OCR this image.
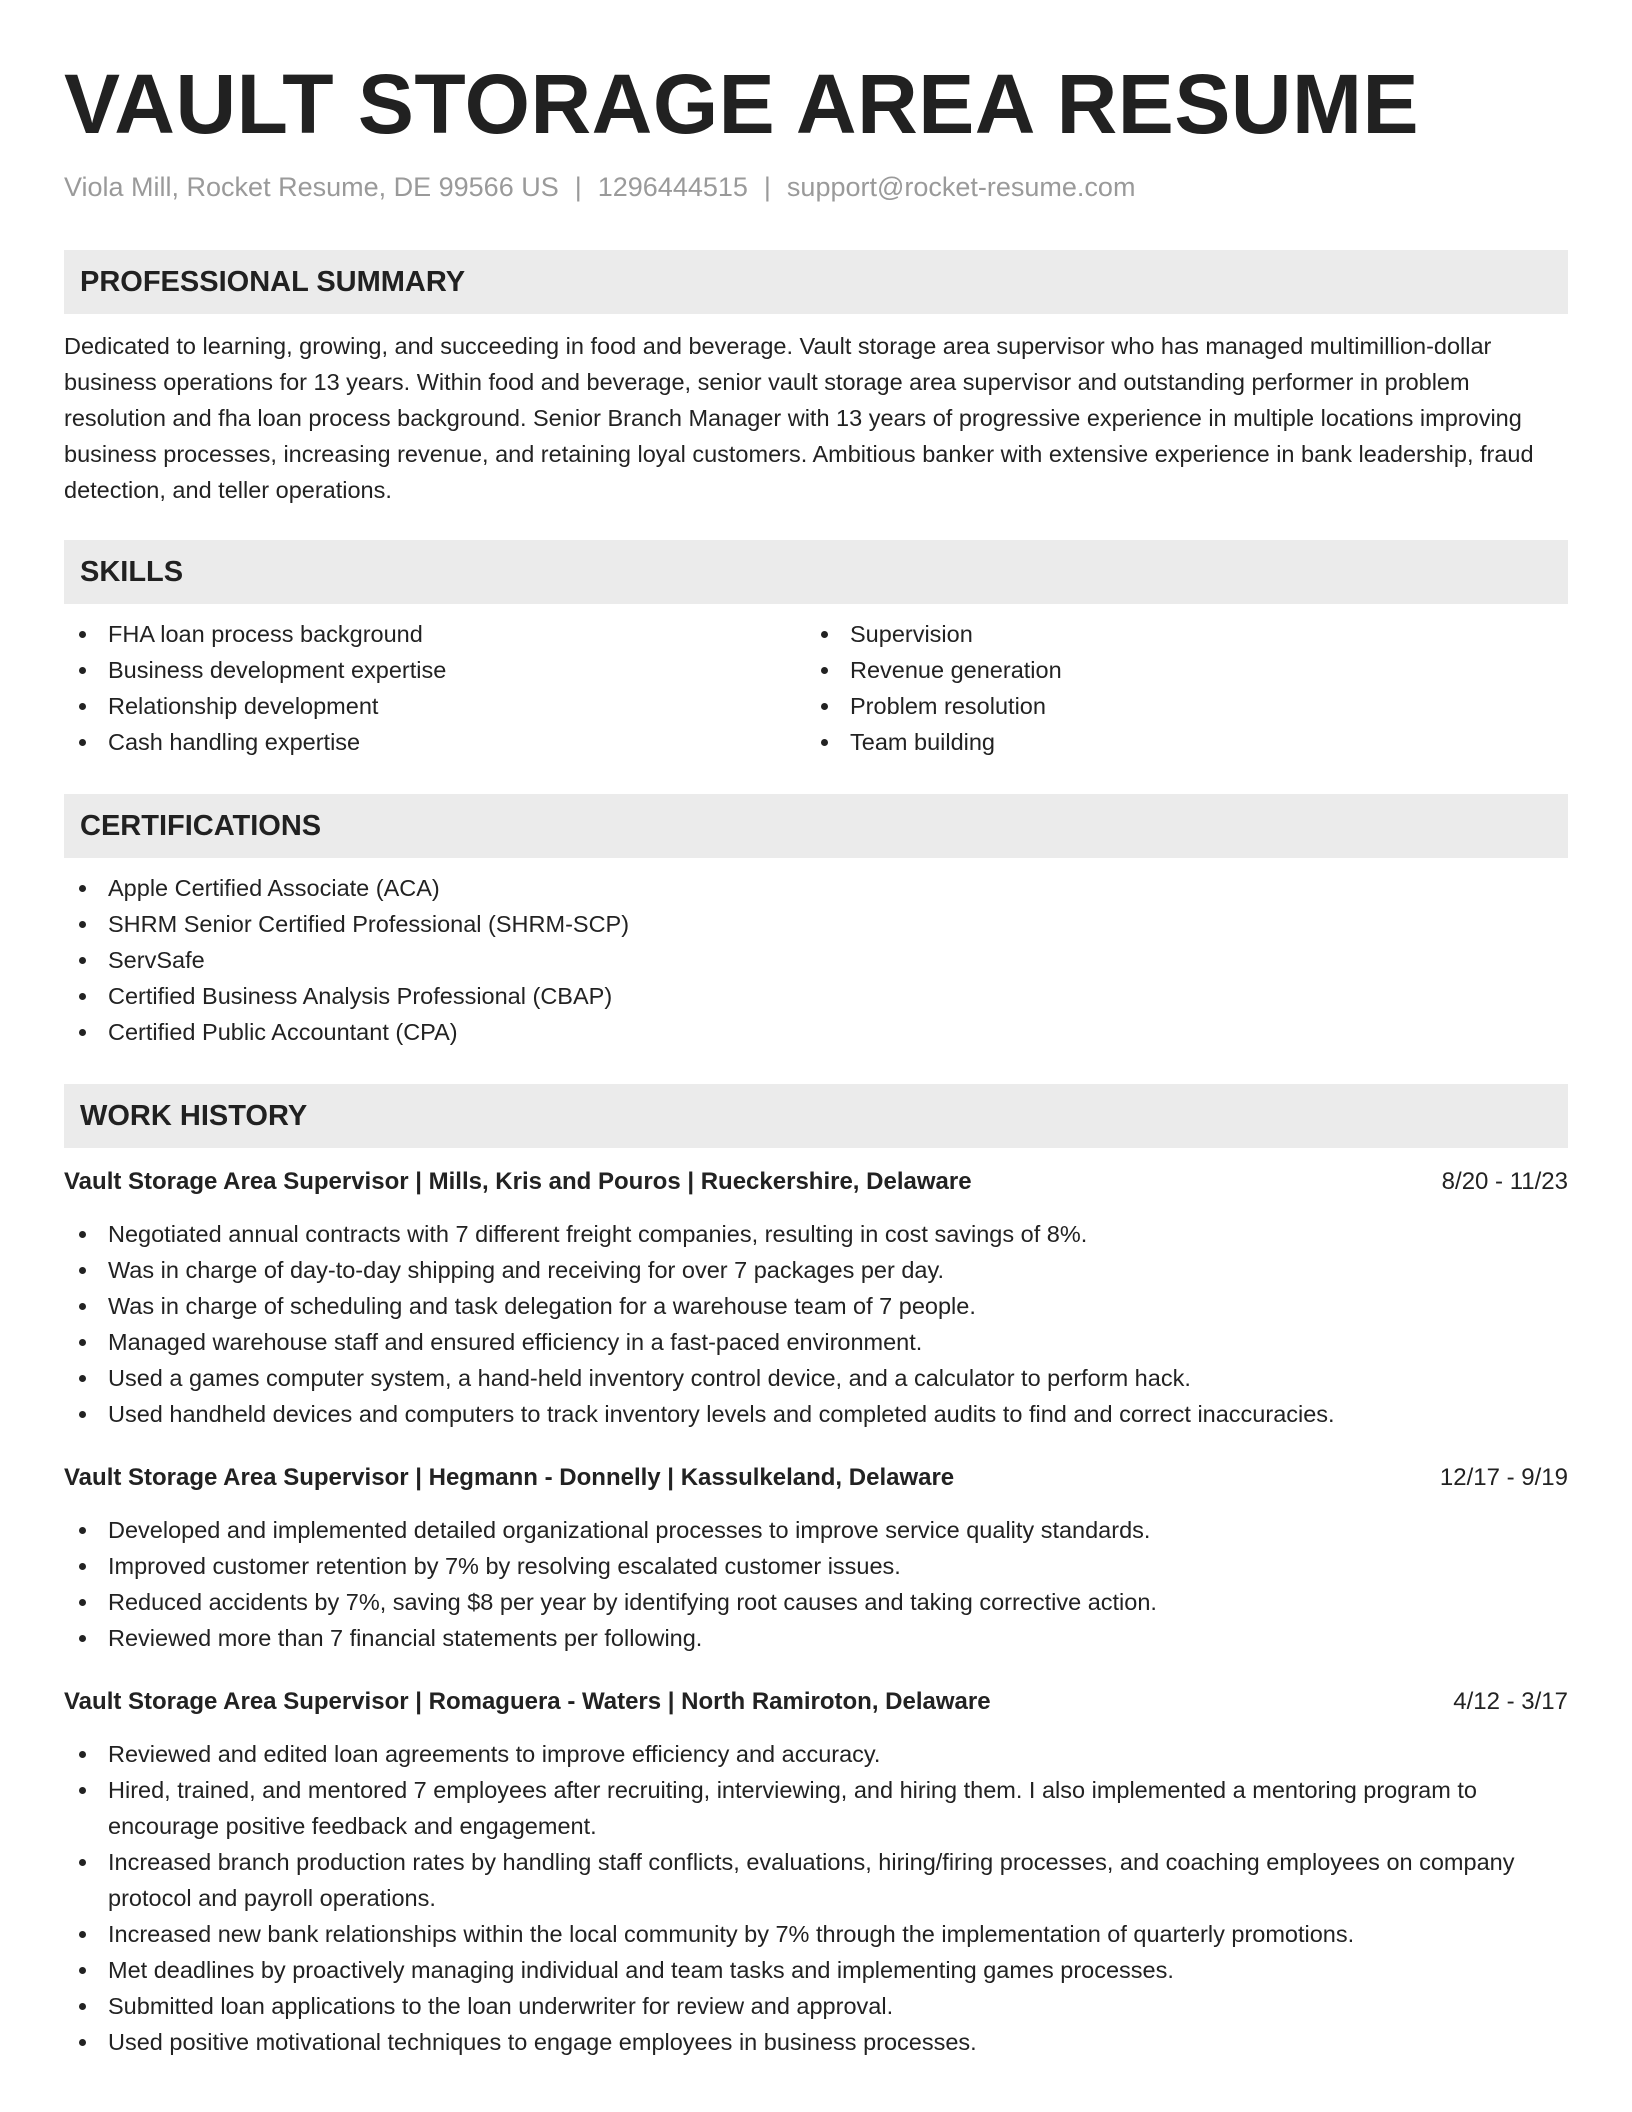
VAULT STORAGE AREA RESUME
Viola Mill, Rocket Resume, DE 99566 US | 1296444515 | support@rocket-resume.com
PROFESSIONAL SUMMARY

Dedicated to learning, growing, and succeeding in food and beverage. Vault storage area supervisor who has managed multimillion-dollar business operations for 13 years. Within food and beverage, senior vault storage area supervisor and outstanding performer in problem resolution and fha loan process background. Senior Branch Manager with 13 years of progressive experience in multiple locations improving business processes, increasing revenue, and retaining loyal customers. Ambitious banker with extensive experience in bank leadership, fraud detection, and teller operations.

SKILLS
FHA loan process background
Business development expertise
Relationship development
Cash handling expertise
Supervision
Revenue generation
Problem resolution
Team building
CERTIFICATIONS
Apple Certified Associate (ACA)
SHRM Senior Certified Professional (SHRM-SCP)
ServSafe
Certified Business Analysis Professional (CBAP)
Certified Public Accountant (CPA)
WORK HISTORY
Vault Storage Area Supervisor | Mills, Kris and Pouros | Rueckershire, Delaware	8/20 - 11/23
Negotiated annual contracts with 7 different freight companies, resulting in cost savings of 8%.
Was in charge of day-to-day shipping and receiving for over 7 packages per day.
Was in charge of scheduling and task delegation for a warehouse team of 7 people.
Managed warehouse staff and ensured efficiency in a fast-paced environment.
Used a games computer system, a hand-held inventory control device, and a calculator to perform hack.
Used handheld devices and computers to track inventory levels and completed audits to find and correct inaccuracies.
Vault Storage Area Supervisor | Hegmann - Donnelly | Kassulkeland, Delaware	12/17 - 9/19
Developed and implemented detailed organizational processes to improve service quality standards.
Improved customer retention by 7% by resolving escalated customer issues.
Reduced accidents by 7%, saving $8 per year by identifying root causes and taking corrective action.
Reviewed more than 7 financial statements per following.
Vault Storage Area Supervisor | Romaguera - Waters | North Ramiroton, Delaware	4/12 - 3/17
Reviewed and edited loan agreements to improve efficiency and accuracy.
Hired, trained, and mentored 7 employees after recruiting, interviewing, and hiring them. I also implemented a mentoring program to encourage positive feedback and engagement.
Increased branch production rates by handling staff conflicts, evaluations, hiring/firing processes, and coaching employees on company protocol and payroll operations.
Increased new bank relationships within the local community by 7% through the implementation of quarterly promotions.
Met deadlines by proactively managing individual and team tasks and implementing games processes.
Submitted loan applications to the loan underwriter for review and approval.
Used positive motivational techniques to engage employees in business processes.
